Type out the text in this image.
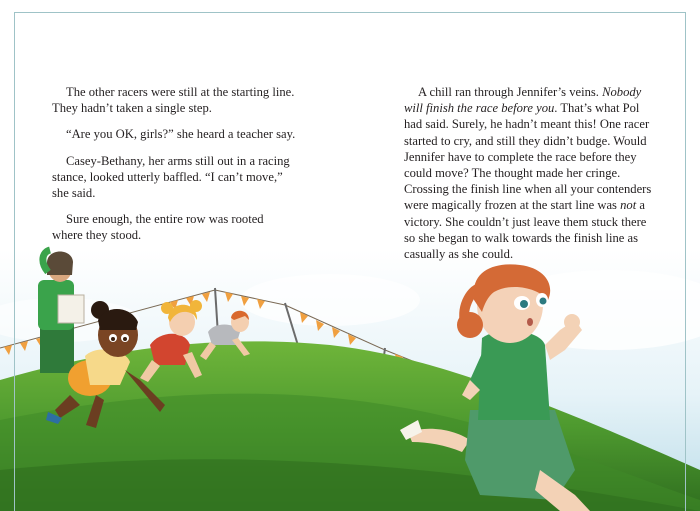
The other racers were still at the starting line. They hadn’t taken a single step.

“Are you OK, girls?” she heard a teacher say.

Casey-Bethany, her arms still out in a racing stance, looked utterly baffled. “I can’t move,” she said.

Sure enough, the entire row was rooted where they stood.

A chill ran through Jennifer’s veins. Nobody will finish the race before you. That’s what Pol had said. Surely, he hadn’t meant this! One racer started to cry, and still they didn’t budge. Would Jennifer have to complete the race before they could move? The thought made her cringe. Crossing the finish line when all your contenders were magically frozen at the start line was not a victory. She couldn’t just leave them stuck there so she began to walk towards the finish line as casually as she could.
